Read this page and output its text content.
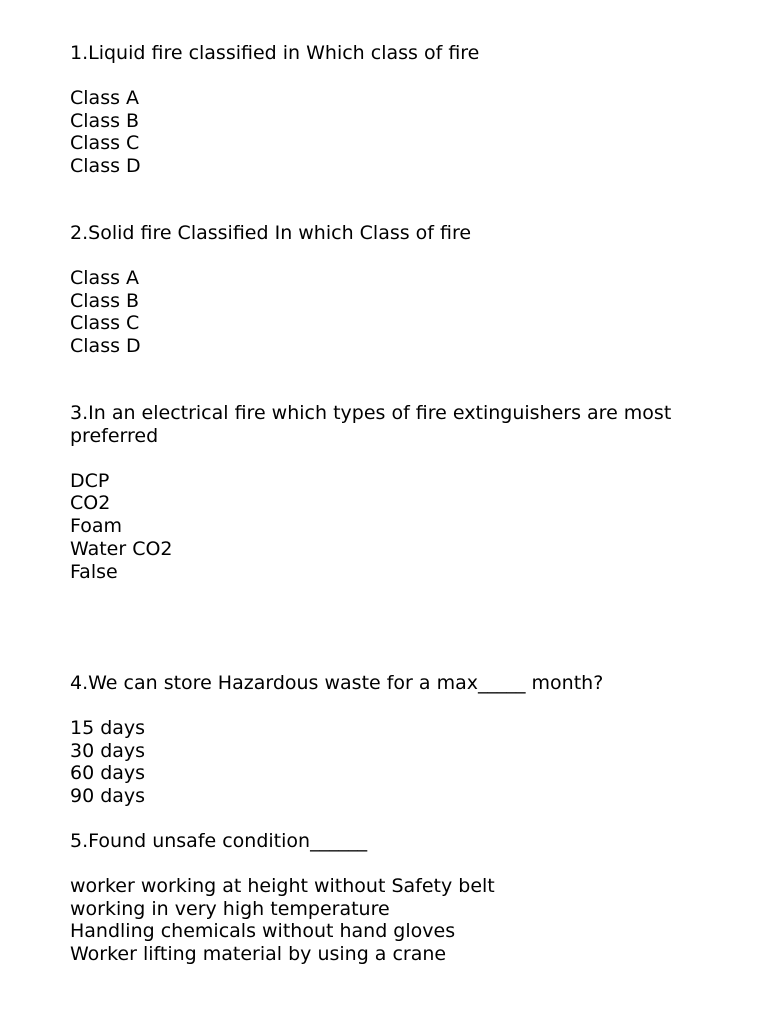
1.Liquid fire classified in Which class of fire
Class A
Class B
Class C
Class D
2.Solid fire Classified In which Class of fire
Class A
Class B
Class C
Class D
3.In an electrical fire which types of fire extinguishers are most preferred
DCP
CO2
Foam
Water CO2
False
4.We can store Hazardous waste for a max_____ month?
15 days
30 days
60 days
90 days
5.Found unsafe condition______
worker working at height without Safety belt
working in very high temperature
Handling chemicals without hand gloves
Worker lifting material by using a crane
